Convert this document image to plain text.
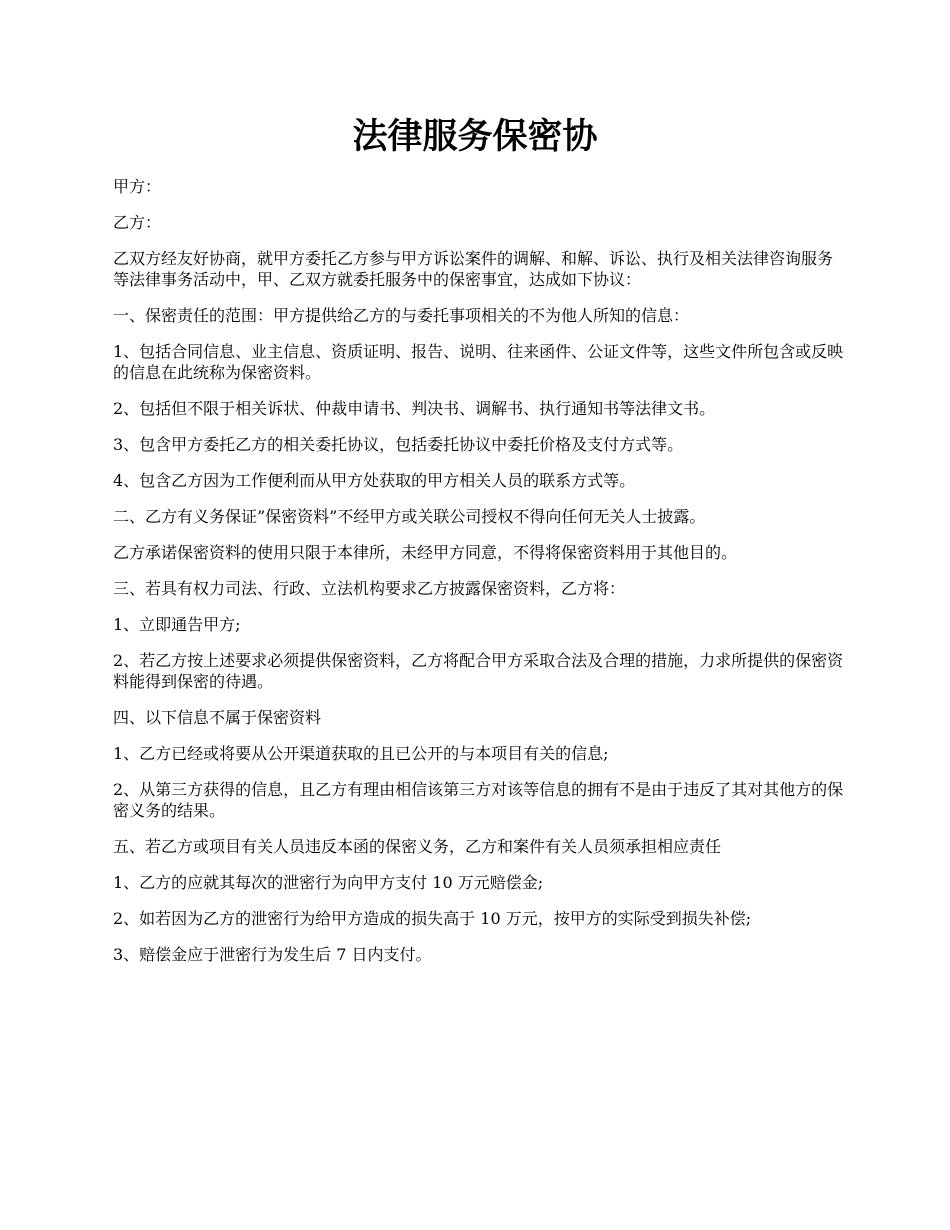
法律服务保密协

甲方：

乙方：

乙双方经友好协商，就甲方委托乙方参与甲方诉讼案件的调解、和解、诉讼、执行及相关法律咨询服务等法律事务活动中，甲、乙双方就委托服务中的保密事宜，达成如下协议：

一、保密责任的范围：甲方提供给乙方的与委托事项相关的不为他人所知的信息：

1、包括合同信息、业主信息、资质证明、报告、说明、往来函件、公证文件等，这些文件所包含或反映的信息在此统称为保密资料。

2、包括但不限于相关诉状、仲裁申请书、判决书、调解书、执行通知书等法律文书。

3、包含甲方委托乙方的相关委托协议，包括委托协议中委托价格及支付方式等。

4、包含乙方因为工作便利而从甲方处获取的甲方相关人员的联系方式等。

二、乙方有义务保证”保密资料”不经甲方或关联公司授权不得向任何无关人士披露。

乙方承诺保密资料的使用只限于本律所，未经甲方同意，不得将保密资料用于其他目的。

三、若具有权力司法、行政、立法机构要求乙方披露保密资料，乙方将：

1、立即通告甲方;

2、若乙方按上述要求必须提供保密资料，乙方将配合甲方采取合法及合理的措施，力求所提供的保密资料能得到保密的待遇。

四、以下信息不属于保密资料

1、乙方已经或将要从公开渠道获取的且已公开的与本项目有关的信息;

2、从第三方获得的信息，且乙方有理由相信该第三方对该等信息的拥有不是由于违反了其对其他方的保密义务的结果。

五、若乙方或项目有关人员违反本函的保密义务，乙方和案件有关人员须承担相应责任

1、乙方的应就其每次的泄密行为向甲方支付 10 万元赔偿金;

2、如若因为乙方的泄密行为给甲方造成的损失高于 10 万元，按甲方的实际受到损失补偿;

3、赔偿金应于泄密行为发生后 7 日内支付。
